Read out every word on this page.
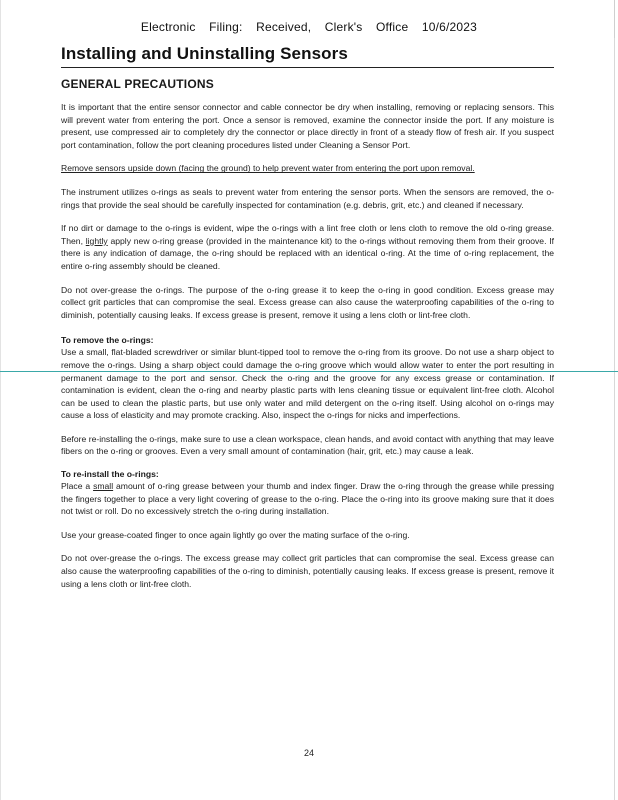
Electronic Filing: Received, Clerk's Office 10/6/2023
Installing and Uninstalling Sensors
GENERAL PRECAUTIONS

It is important that the entire sensor connector and cable connector be dry when installing, removing or replacing sensors. This will prevent water from entering the port. Once a sensor is removed, examine the connector inside the port. If any moisture is present, use compressed air to completely dry the connector or place directly in front of a steady flow of fresh air. If you suspect port contamination, follow the port cleaning procedures listed under Cleaning a Sensor Port.

Remove sensors upside down (facing the ground) to help prevent water from entering the port upon removal.

The instrument utilizes o-rings as seals to prevent water from entering the sensor ports. When the sensors are removed, the o-rings that provide the seal should be carefully inspected for contamination (e.g. debris, grit, etc.) and cleaned if necessary.

If no dirt or damage to the o-rings is evident, wipe the o-rings with a lint free cloth or lens cloth to remove the old o-ring grease. Then, lightly apply new o-ring grease (provided in the maintenance kit) to the o-rings without removing them from their groove. If there is any indication of damage, the o-ring should be replaced with an identical o-ring. At the time of o-ring replacement, the entire o-ring assembly should be cleaned.

Do not over-grease the o-rings. The purpose of the o-ring grease it to keep the o-ring in good condition. Excess grease may collect grit particles that can compromise the seal. Excess grease can also cause the waterproofing capabilities of the o-ring to diminish, potentially causing leaks. If excess grease is present, remove it using a lens cloth or lint-free cloth.

To remove the o-rings:

Use a small, flat-bladed screwdriver or similar blunt-tipped tool to remove the o-ring from its groove. Do not use a sharp object to remove the o-rings. Using a sharp object could damage the o-ring groove which would allow water to enter the port resulting in permanent damage to the port and sensor. Check the o-ring and the groove for any excess grease or contamination. If contamination is evident, clean the o-ring and nearby plastic parts with lens cleaning tissue or equivalent lint-free cloth. Alcohol can be used to clean the plastic parts, but use only water and mild detergent on the o-ring itself. Using alcohol on o-rings may cause a loss of elasticity and may promote cracking. Also, inspect the o-rings for nicks and imperfections.

Before re-installing the o-rings, make sure to use a clean workspace, clean hands, and avoid contact with anything that may leave fibers on the o-ring or grooves. Even a very small amount of contamination (hair, grit, etc.) may cause a leak.

To re-install the o-rings:

Place a small amount of o-ring grease between your thumb and index finger. Draw the o-ring through the grease while pressing the fingers together to place a very light covering of grease to the o-ring. Place the o-ring into its groove making sure that it does not twist or roll. Do no excessively stretch the o-ring during installation.

Use your grease-coated finger to once again lightly go over the mating surface of the o-ring.

Do not over-grease the o-rings. The excess grease may collect grit particles that can compromise the seal. Excess grease can also cause the waterproofing capabilities of the o-ring to diminish, potentially causing leaks. If excess grease is present, remove it using a lens cloth or lint-free cloth.

24
